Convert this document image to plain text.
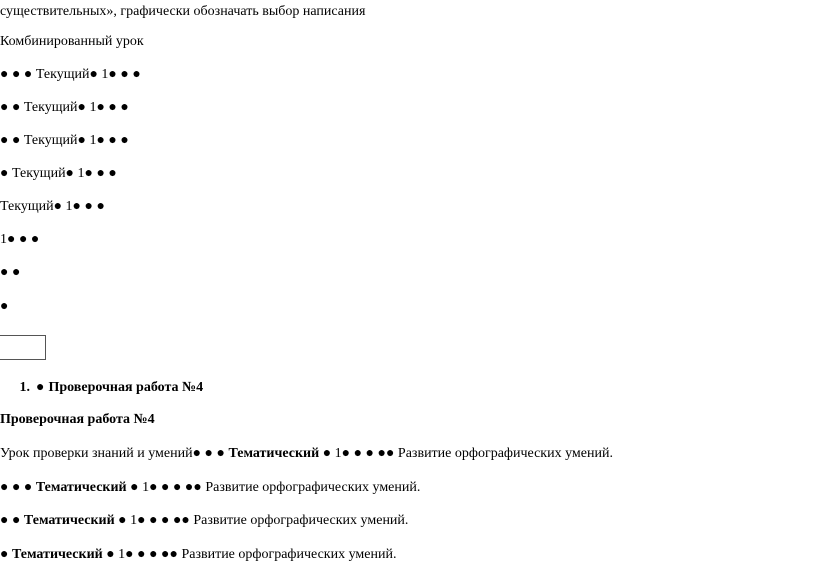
существительных», графически обозначать выбор написания
Комбинированный урок
● ● ● Текущий● 1● ● ●
● ● Текущий● 1● ● ●
● ● Текущий● 1● ● ●
● Текущий● 1● ● ●
Текущий● 1● ● ●
1● ● ●
● ●
●
1. ● Проверочная работа №4
Проверочная работа №4
Урок проверки знаний и умений● ● ● Тематический ● 1● ● ● ●● Развитие орфографических умений.
● ● ● Тематический ● 1● ● ● ●● Развитие орфографических умений.
● ● Тематический ● 1● ● ● ●● Развитие орфографических умений.
● Тематический ● 1● ● ● ●● Развитие орфографических умений.
